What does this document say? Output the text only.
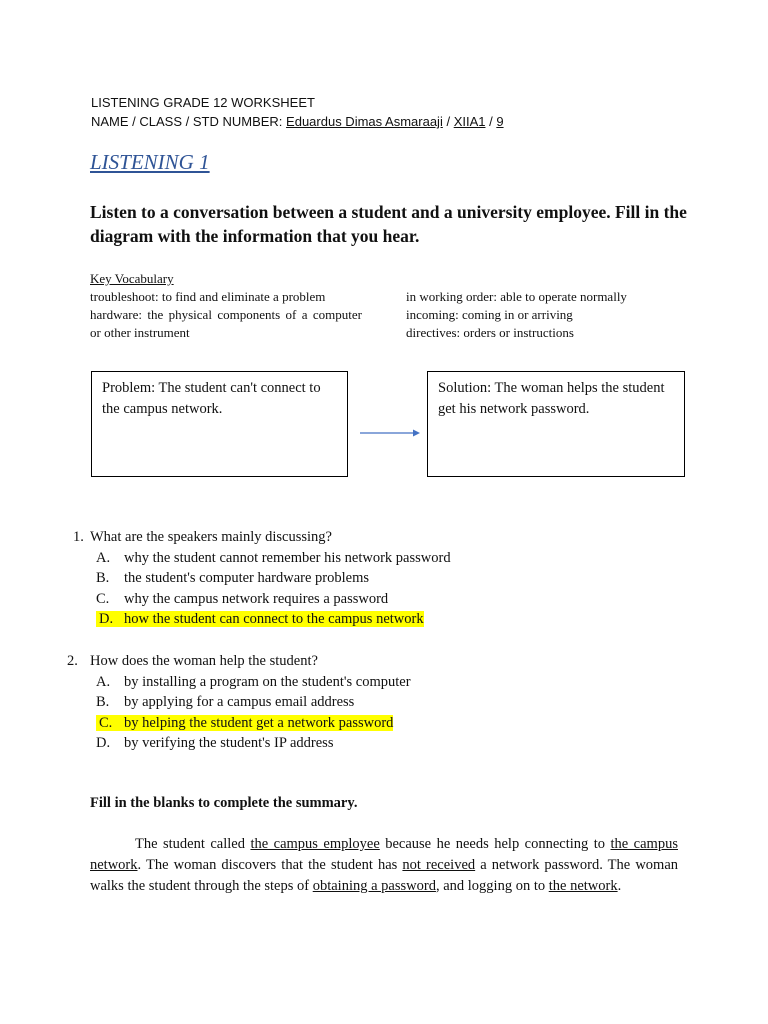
LISTENING GRADE 12 WORKSHEET
NAME / CLASS / STD NUMBER: Eduardus Dimas Asmaraaji / XIIA1 / 9
LISTENING 1
Listen to a conversation between a student and a university employee. Fill in the diagram with the information that you hear.
Key Vocabulary
troubleshoot: to find and eliminate a problem
hardware: the physical components of a computer or other instrument
in working order: able to operate normally
incoming: coming in or arriving
directives: orders or instructions
Problem: The student can't connect to the campus network.
Solution: The woman helps the student get his network password.
1. What are the speakers mainly discussing?
A. why the student cannot remember his network password
B. the student's computer hardware problems
C. why the campus network requires a password
D. how the student can connect to the campus network
2. How does the woman help the student?
A. by installing a program on the student's computer
B. by applying for a campus email address
C. by helping the student get a network password
D. by verifying the student's IP address
Fill in the blanks to complete the summary.
The student called the campus employee because he needs help connecting to the campus network. The woman discovers that the student has not received a network password. The woman walks the student through the steps of obtaining a password, and logging on to the network.
